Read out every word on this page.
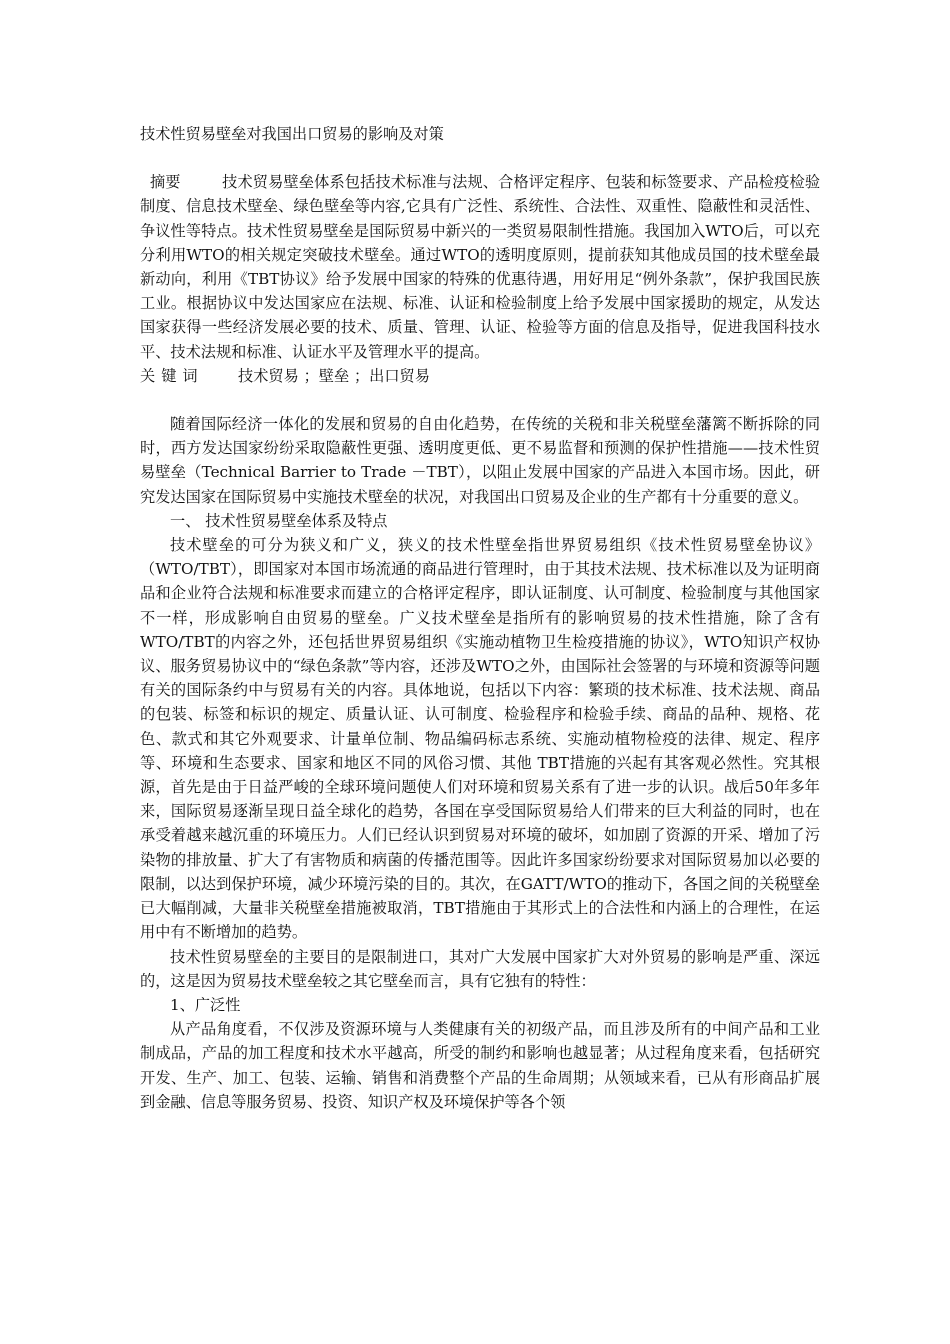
技术性贸易壁垒对我国出口贸易的影响及对策

摘要	技术贸易壁垒体系包括技术标准与法规、合格评定程序、包装和标签要求、产品检疫检验制度、信息技术壁垒、绿色壁垒等内容,它具有广泛性、系统性、合法性、双重性、隐蔽性和灵活性、争议性等特点。技术性贸易壁垒是国际贸易中新兴的一类贸易限制性措施。我国加入WTO后，可以充分利用WTO的相关规定突破技术壁垒。通过WTO的透明度原则，提前获知其他成员国的技术壁垒最新动向，利用《TBT协议》给予发展中国家的特殊的优惠待遇，用好用足“例外条款”，保护我国民族工业。根据协议中发达国家应在法规、标准、认证和检验制度上给予发展中国家援助的规定，从发达国家获得一些经济发展必要的技术、质量、管理、认证、检验等方面的信息及指导，促进我国科技水平、技术法规和标准、认证水平及管理水平的提高。

关键词 技术贸易 ；壁垒 ；出口贸易

随着国际经济一体化的发展和贸易的自由化趋势，在传统的关税和非关税壁垒藩篱不断拆除的同时，西方发达国家纷纷采取隐蔽性更强、透明度更低、更不易监督和预测的保护性措施——技术性贸易壁垒（Technical Barrier to Trade －TBT），以阻止发展中国家的产品进入本国市场。因此，研究发达国家在国际贸易中实施技术壁垒的状况，对我国出口贸易及企业的生产都有十分重要的意义。

一、 技术性贸易壁垒体系及特点

技术壁垒的可分为狭义和广义，狭义的技术性壁垒指世界贸易组织《技术性贸易壁垒协议》（WTO/TBT），即国家对本国市场流通的商品进行管理时，由于其技术法规、技术标准以及为证明商品和企业符合法规和标准要求而建立的合格评定程序，即认证制度、认可制度、检验制度与其他国家不一样，形成影响自由贸易的壁垒。广义技术壁垒是指所有的影响贸易的技术性措施，除了含有WTO/TBT的内容之外，还包括世界贸易组织《实施动植物卫生检疫措施的协议》，WTO知识产权协议、服务贸易协议中的“绿色条款”等内容，还涉及WTO之外，由国际社会签署的与环境和资源等问题有关的国际条约中与贸易有关的内容。具体地说，包括以下内容：繁琐的技术标准、技术法规、商品的包装、标签和标识的规定、质量认证、认可制度、检验程序和检验手续、商品的品种、规格、花色、款式和其它外观要求、计量单位制、物品编码标志系统、实施动植物检疫的法律、规定、程序等、环境和生态要求、国家和地区不同的风俗习惯、其他 TBT措施的兴起有其客观必然性。究其根源，首先是由于日益严峻的全球环境问题使人们对环境和贸易关系有了进一步的认识。战后50年多年来，国际贸易逐渐呈现日益全球化的趋势，各国在享受国际贸易给人们带来的巨大利益的同时，也在承受着越来越沉重的环境压力。人们已经认识到贸易对环境的破坏，如加剧了资源的开采、增加了污染物的排放量、扩大了有害物质和病菌的传播范围等。因此许多国家纷纷要求对国际贸易加以必要的限制，以达到保护环境，减少环境污染的目的。其次，在GATT/WTO的推动下，各国之间的关税壁垒已大幅削减，大量非关税壁垒措施被取消，TBT措施由于其形式上的合法性和内涵上的合理性，在运用中有不断增加的趋势。

技术性贸易壁垒的主要目的是限制进口，其对广大发展中国家扩大对外贸易的影响是严重、深远的，这是因为贸易技术壁垒较之其它壁垒而言，具有它独有的特性：

1、广泛性

从产品角度看，不仅涉及资源环境与人类健康有关的初级产品，而且涉及所有的中间产品和工业制成品，产品的加工程度和技术水平越高，所受的制约和影响也越显著；从过程角度来看，包括研究开发、生产、加工、包装、运输、销售和消费整个产品的生命周期；从领域来看，已从有形商品扩展到金融、信息等服务贸易、投资、知识产权及环境保护等各个领
